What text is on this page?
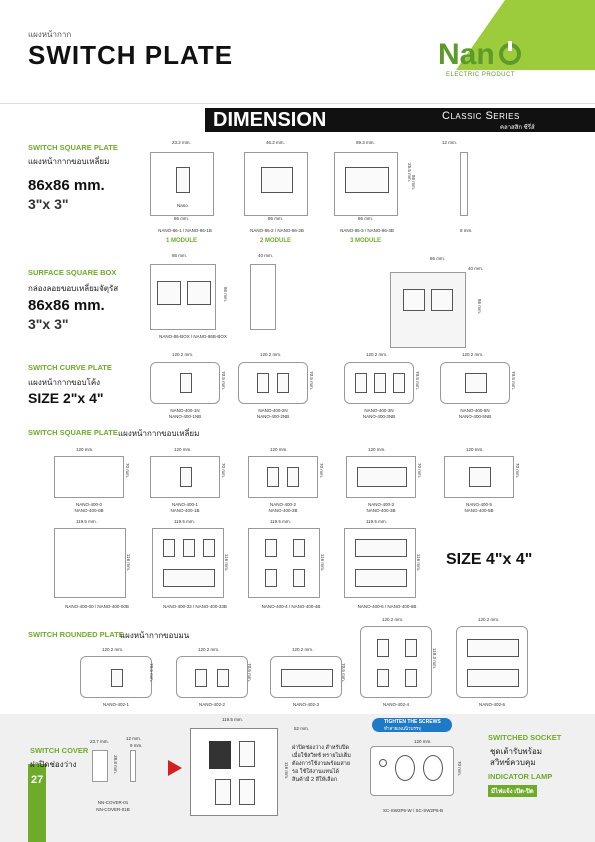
แผงหน้ากาก
SWITCH PLATE	Nan
ELECTRIC PRODUCT
DIMENSION	Classic Series
คลาสสิก ซีรี่ส์
SWITCH SQUARE PLATE
แผงหน้ากากขอบเหลี่ยม
86x86 mm.
3"x 3"
23.2 mm.
Nano
86 mm.
NANO-86-1 / NANO-86-1B
1 MODULE
46.2 mm.
86 mm.
NANO-86-2 / NANO-86-2B
2 MODULE
69.3 mm.
25.5 mm.
86 mm.
86 mm.
NANO-86-3 / NANO-86-3B
3 MODULE
12 mm.
8 mm.
SURFACE SQUARE BOX
กล่องลอยขอบเหลี่ยมจัตุรัส
86x86 mm.
3"x 3"
86 mm.
86 mm.
NANO-86-BOX / NANO-86B-BOX
40 mm.
86 mm.
40 mm.
86 mm.
SWITCH CURVE PLATE
แผงหน้ากากขอบโค้ง
SIZE 2"x 4"
120.2 mm.
70.5 mm.
NANO-400-1N
NANO-400-1NB
120.2 mm.
70.5 mm.
NANO-400-2N
NANO-400-2NB
120.2 mm.
70.5 mm.
NANO-400-3N
NANO-400-3NB
120.2 mm.
70.5 mm.
NANO-400-5N
NANO-400-5NB
SWITCH SQUARE PLATE แผงหน้ากากขอบเหลี่ยม
120 mm.
70 mm.
NANO-400-0
NANO-400-0B
120 mm.
70 mm.
NANO-400-1
NANO-400-1B
120 mm.
70 mm.
NANO-400-2
NANO-400-2B
120 mm.
70 mm.
NANO-400-3
NANO-400-3B
120 mm.
70 mm.
NANO-400-5
NANO-400-5B
119.5 mm.
116 mm.
NANO-400-00 / NANO-400-00B
119.5 mm.
116 mm.
NANO-400-33 / NANO-400-33B
119.5 mm.
116 mm.
NANO-400-4 / NANO-400-4B
119.5 mm.
116 mm.
NANO-400-6 / NANO-400-6B
SIZE 4"x 4"
SWITCH ROUNDED PLATE
แผงหน้ากากขอบมน
120.2 mm.
70.5 mm.
NANO-402-1
120.2 mm.
70.5 mm.
NANO-402-2
120.2 mm.
70.5 mm.
NANO-402-3
120.2 mm.
118.3 mm.
NANO-402-4
120.2 mm.
NANO-402-6
27
SWITCH COVER
ฝาปิดช่องว่าง
23.7 mm.
12 mm.
9 mm.
38.8 mm.
NN-COVER-01
NN-COVER-01B
119.5 mm.
52 mm.
116 mm.
ฝาปิดช่องว่าง สำหรับปิด เมื่อใช้สวิทซ์ ทรายไม่เต็ม ต้องการใช้งานพร้อมสายรอ ใช้ใส่งานแทนได้ สินค้ามี 2 สีให้เลือก
TIGHTEN THE SCREWS
ทำสายเพนนิวบรรจุ
120 mm.
70 mm.
SC-SW2P6-W / SC-SW2P6-B
SWITCHED SOCKET
ชุดเต้ารับพร้อม
สวิทซ์ควบคุม
INDICATOR LAMP
มีไฟแจ้ง เปิด-ปิด
